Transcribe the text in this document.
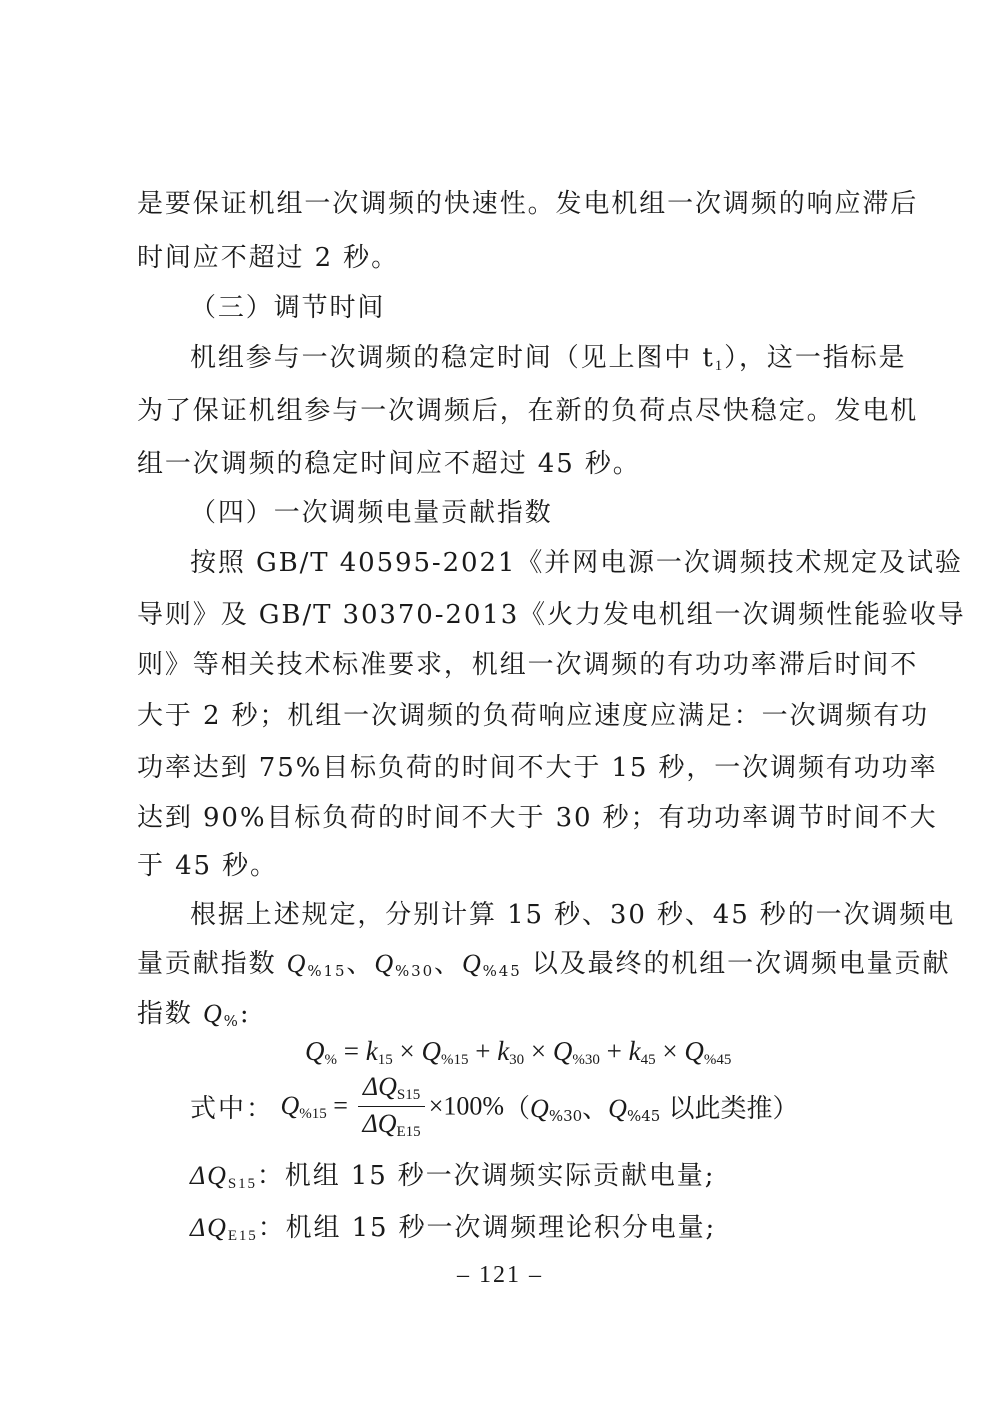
是要保证机组一次调频的快速性。发电机组一次调频的响应滞后
时间应不超过 2 秒。
（三）调节时间
机组参与一次调频的稳定时间（见上图中 $t_1$），这一指标是
为了保证机组参与一次调频后，在新的负荷点尽快稳定。发电机
组一次调频的稳定时间应不超过 45 秒。
（四）一次调频电量贡献指数
按照 GB/T 40595-2021《并网电源一次调频技术规定及试验
导则》及 GB/T 30370-2013《火力发电机组一次调频性能验收导
则》等相关技术标准要求，机组一次调频的有功功率滞后时间不
大于 2 秒；机组一次调频的负荷响应速度应满足：一次调频有功
功率达到 75%目标负荷的时间不大于 15 秒，一次调频有功功率
达到 90%目标负荷的时间不大于 30 秒；有功功率调节时间不大
于 45 秒。
根据上述规定，分别计算 15 秒、30 秒、45 秒的一次调频电
量贡献指数 $Q_{\%15}$、$Q_{\%30}$、$Q_{\%45}$ 以及最终的机组一次调频电量贡献
指数 $Q_{\%}$:
$Q_{\%} = k_{15} \times Q_{\%15} + k_{30} \times Q_{\%30} + k_{45} \times Q_{\%45}$
式中： $Q_{\%15} = \frac{\Delta Q_{S15}}{\Delta Q_{E15}} \times 100\%(Q_{\%30}$、$Q_{\%45}$ 以此类推）
$\Delta Q_{S15}$：机组 15 秒一次调频实际贡献电量;
$\Delta Q_{E15}$：机组 15 秒一次调频理论积分电量;
– 121 –
